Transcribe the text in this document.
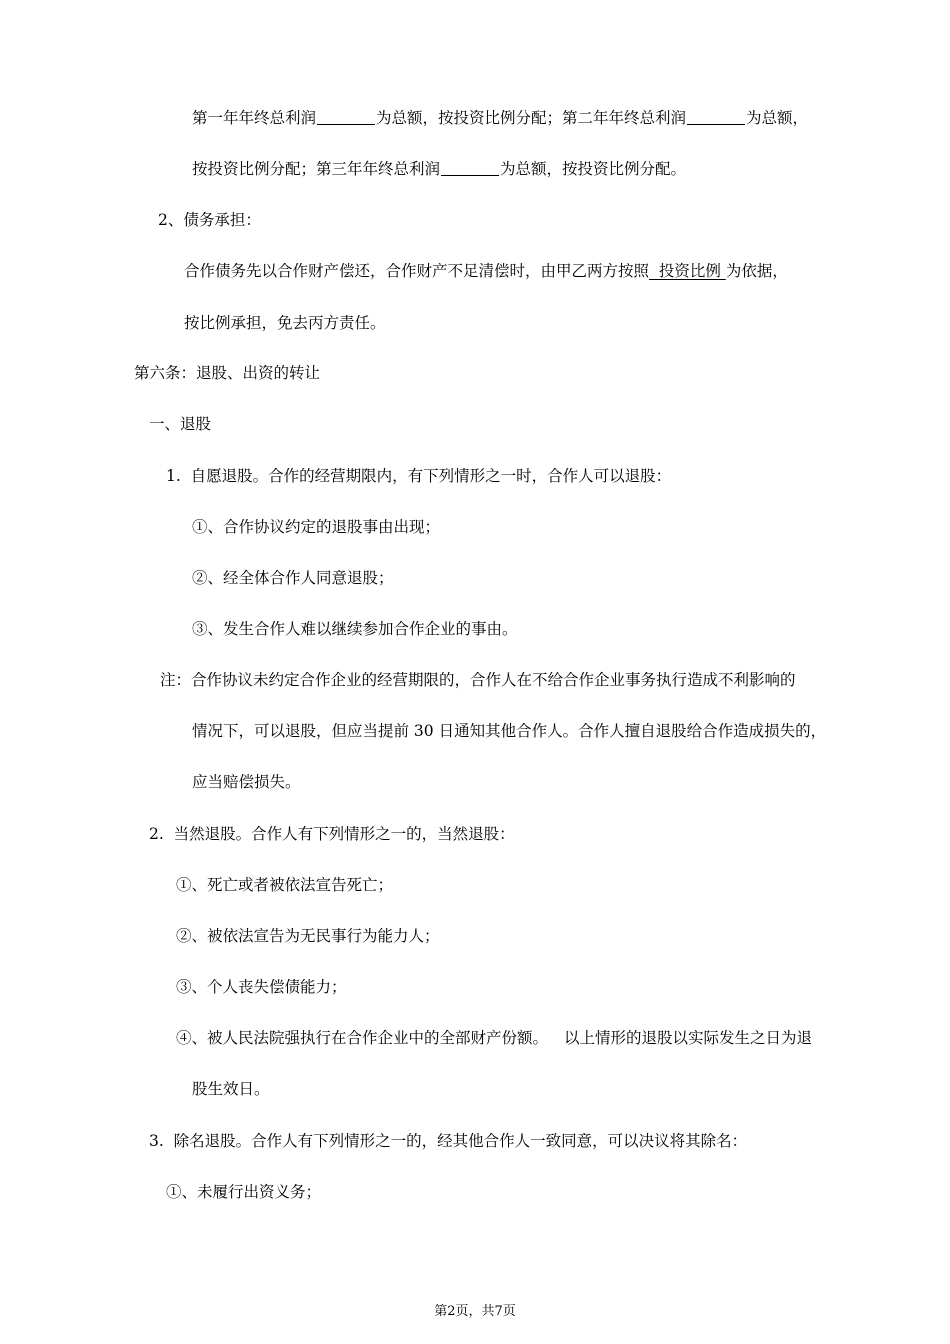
第一年年终总利润	为总额，按投资比例分配；第二年年终总利润	为总额，
按投资比例分配；第三年年终总利润	为总额，按投资比例分配。
2、债务承担：
合作债务先以合作财产偿还，合作财产不足清偿时，由甲乙两方按照  投资比例 为依据，
按比例承担，免去丙方责任。
第六条：退股、出资的转让
一、退股
1.  自愿退股。合作的经营期限内，有下列情形之一时，合作人可以退股：
①、合作协议约定的退股事由出现；
②、经全体合作人同意退股；
③、发生合作人难以继续参加合作企业的事由。
注：合作协议未约定合作企业的经营期限的，合作人在不给合作企业事务执行造成不利影响的
情况下，可以退股，但应当提前 30 日通知其他合作人。合作人擅自退股给合作造成损失的，
应当赔偿损失。
2.  当然退股。合作人有下列情形之一的，当然退股：
①、死亡或者被依法宣告死亡；
②、被依法宣告为无民事行为能力人；
③、个人丧失偿债能力；
④、被人民法院强执行在合作企业中的全部财产份额。 以上情形的退股以实际发生之日为退
股生效日。
3.  除名退股。合作人有下列情形之一的，经其他合作人一致同意，可以决议将其除名：
①、未履行出资义务；
第2页，共7页
